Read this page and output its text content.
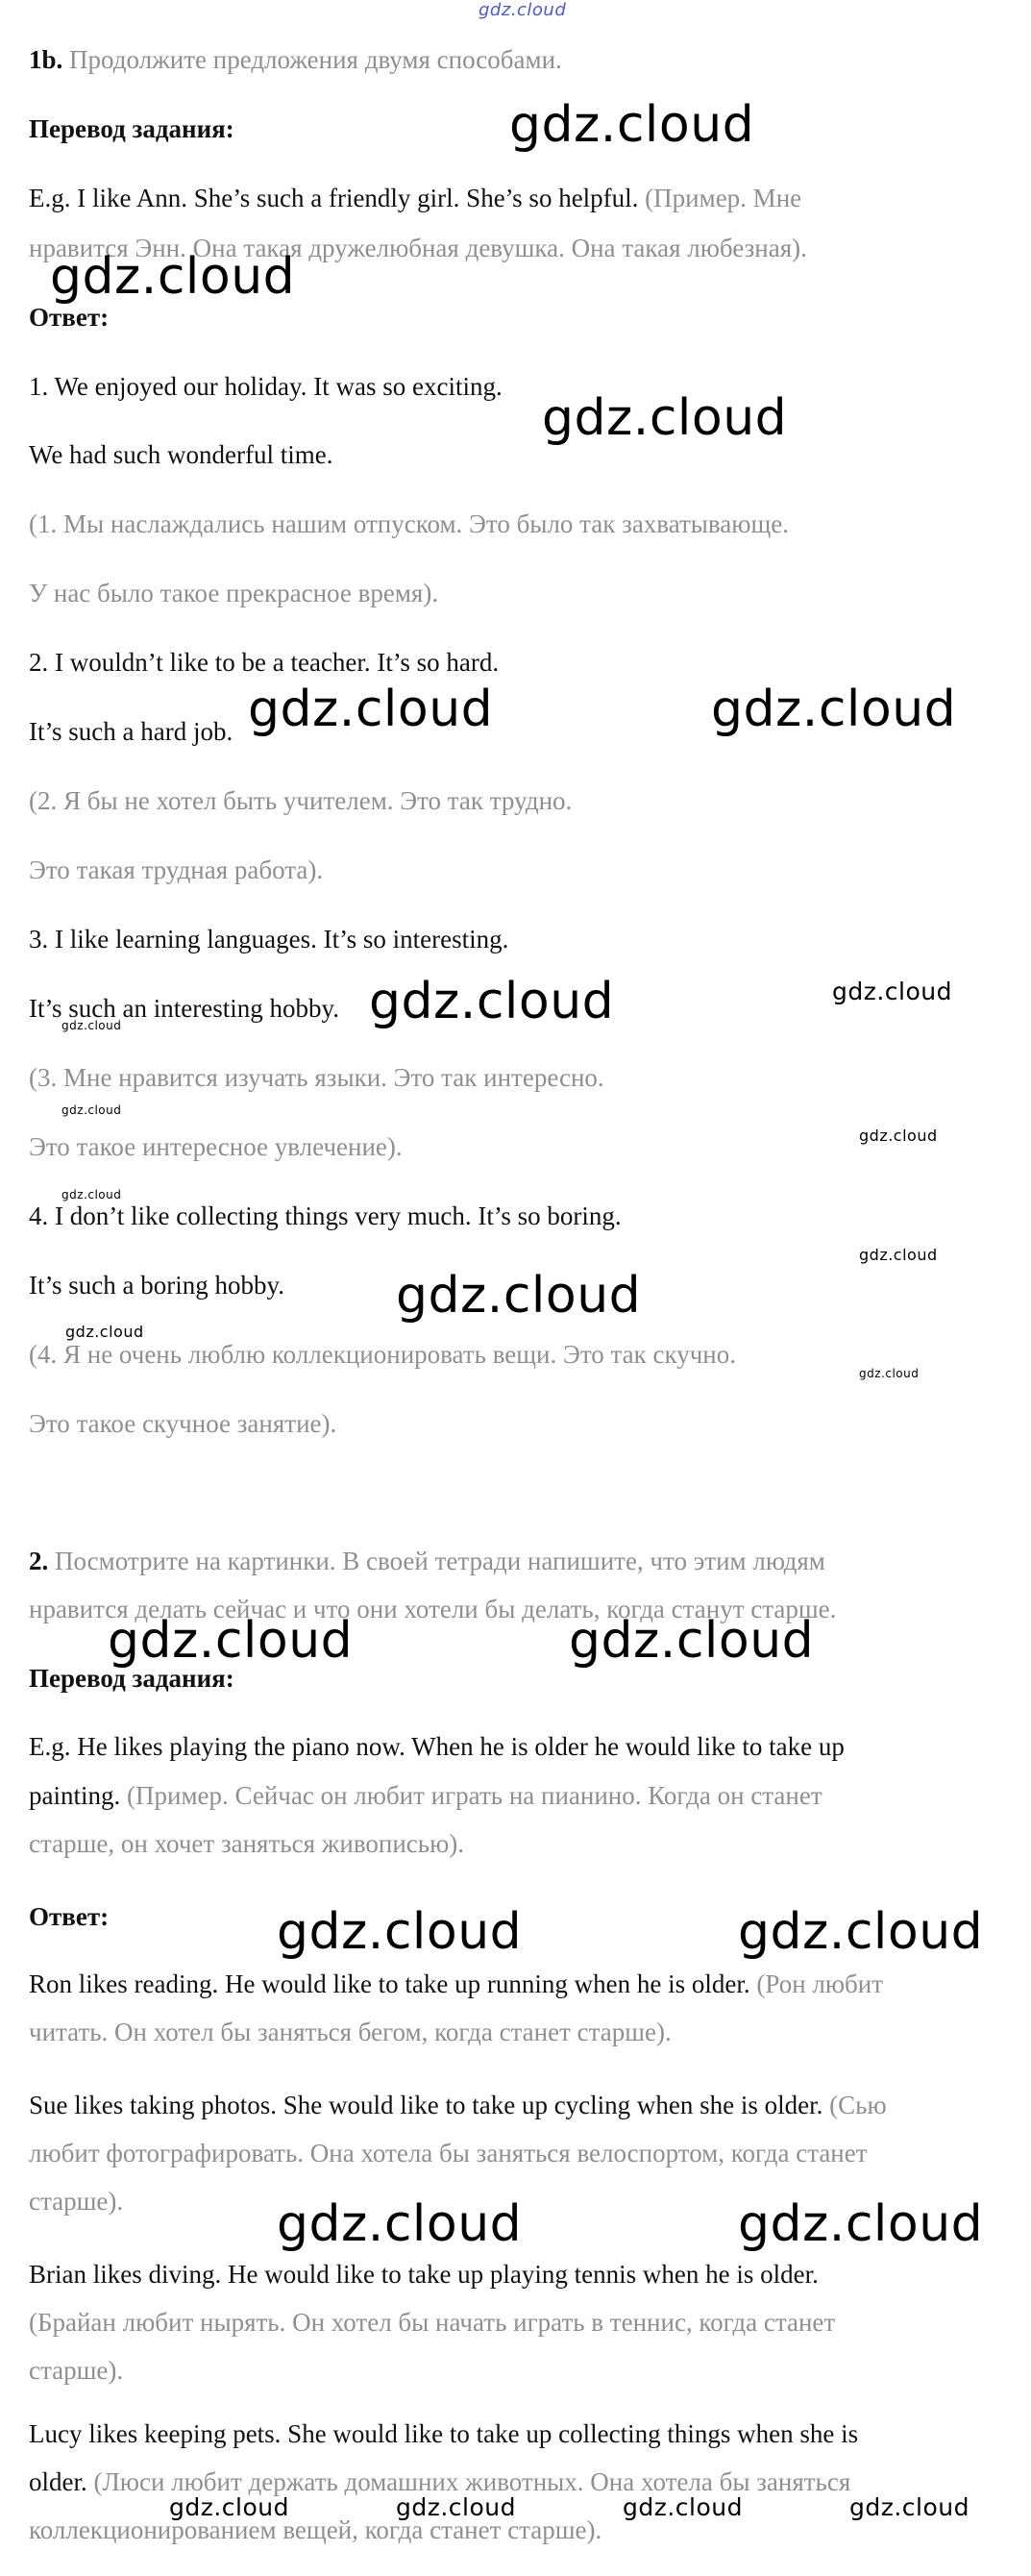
gdz.cloud
1b. Продолжите предложения двумя способами.
Перевод задания:
E.g. I like Ann. She’s such a friendly girl. She’s so helpful. (Пример. Мне
нравится Энн. Она такая дружелюбная девушка. Она такая любезная).
Ответ:
1. We enjoyed our holiday. It was so exciting.
We had such wonderful time.
(1. Мы наслаждались нашим отпуском. Это было так захватывающе.
У нас было такое прекрасное время).
2. I wouldn’t like to be a teacher. It’s so hard.
It’s such a hard job.
(2. Я бы не хотел быть учителем. Это так трудно.
Это такая трудная работа).
3. I like learning languages. It’s so interesting.
It’s such an interesting hobby.
(3. Мне нравится изучать языки. Это так интересно.
Это такое интересное увлечение).
4. I don’t like collecting things very much. It’s so boring.
It’s such a boring hobby.
(4. Я не очень люблю коллекционировать вещи. Это так скучно.
Это такое скучное занятие).
2. Посмотрите на картинки. В своей тетради напишите, что этим людям
нравится делать сейчас и что они хотели бы делать, когда станут старше.
Перевод задания:
E.g. He likes playing the piano now. When he is older he would like to take up
painting. (Пример. Сейчас он любит играть на пианино. Когда он станет
старше, он хочет заняться живописью).
Ответ:
Ron likes reading. He would like to take up running when he is older. (Рон любит
читать. Он хотел бы заняться бегом, когда станет старше).
Sue likes taking photos. She would like to take up cycling when she is older. (Сью
любит фотографировать. Она хотела бы заняться велоспортом, когда станет
старше).
Brian likes diving. He would like to take up playing tennis when he is older.
(Брайан любит нырять. Он хотел бы начать играть в теннис, когда станет
старше).
Lucy likes keeping pets. She would like to take up collecting things when she is
older. (Люси любит держать домашних животных. Она хотела бы заняться
коллекционированием вещей, когда станет старше).
gdz.cloud
gdz.cloud
gdz.cloud
gdz.cloud	gdz.cloud
gdz.cloud	gdz.cloud
gdz.cloud
gdz.cloud
gdz.cloud
gdz.cloud
gdz.cloud
gdz.cloud
gdz.cloud
gdz.cloud
gdz.cloud	gdz.cloud
gdz.cloud	gdz.cloud
gdz.cloud	gdz.cloud
gdz.cloud	gdz.cloud	gdz.cloud	gdz.cloud
